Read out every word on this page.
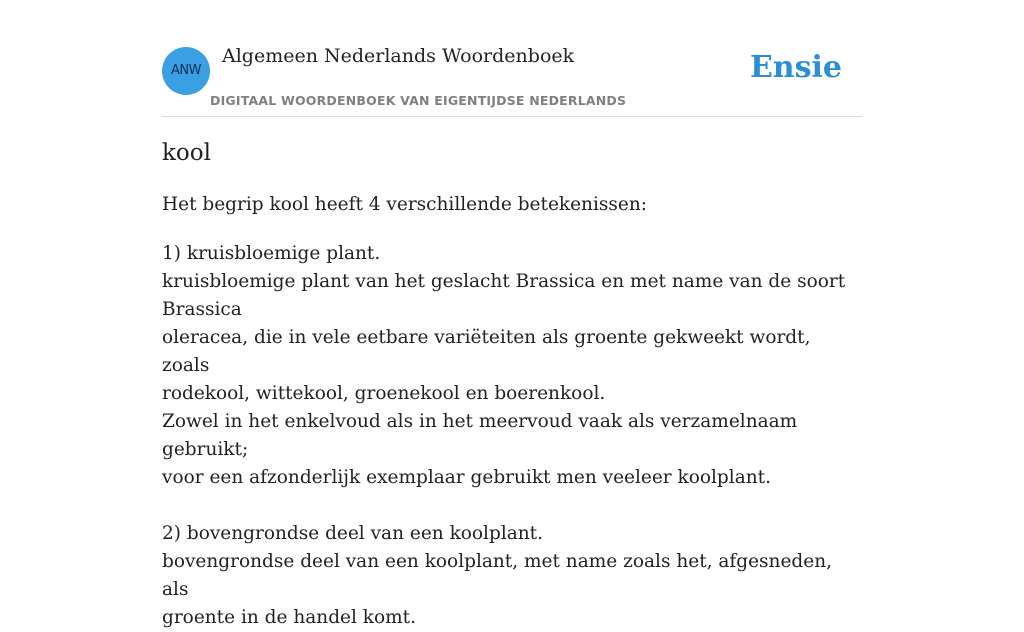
ANW
Algemeen Nederlands Woordenboek
DIGITAAL WOORDENBOEK VAN EIGENTIJDSE NEDERLANDS
Ensie
kool

Het begrip kool heeft 4 verschillende betekenissen:

1) kruisbloemige plant.

kruisbloemige plant van het geslacht Brassica en met name van de soort Brassica

oleracea, die in vele eetbare variëteiten als groente gekweekt wordt, zoals

rodekool, wittekool, groenekool en boerenkool.

Zowel in het enkelvoud als in het meervoud vaak als verzamelnaam gebruikt;

voor een afzonderlijk exemplaar gebruikt men veeleer koolplant.

2) bovengrondse deel van een koolplant.

bovengrondse deel van een koolplant, met name zoals het, afgesneden, als

groente in de handel komt.
